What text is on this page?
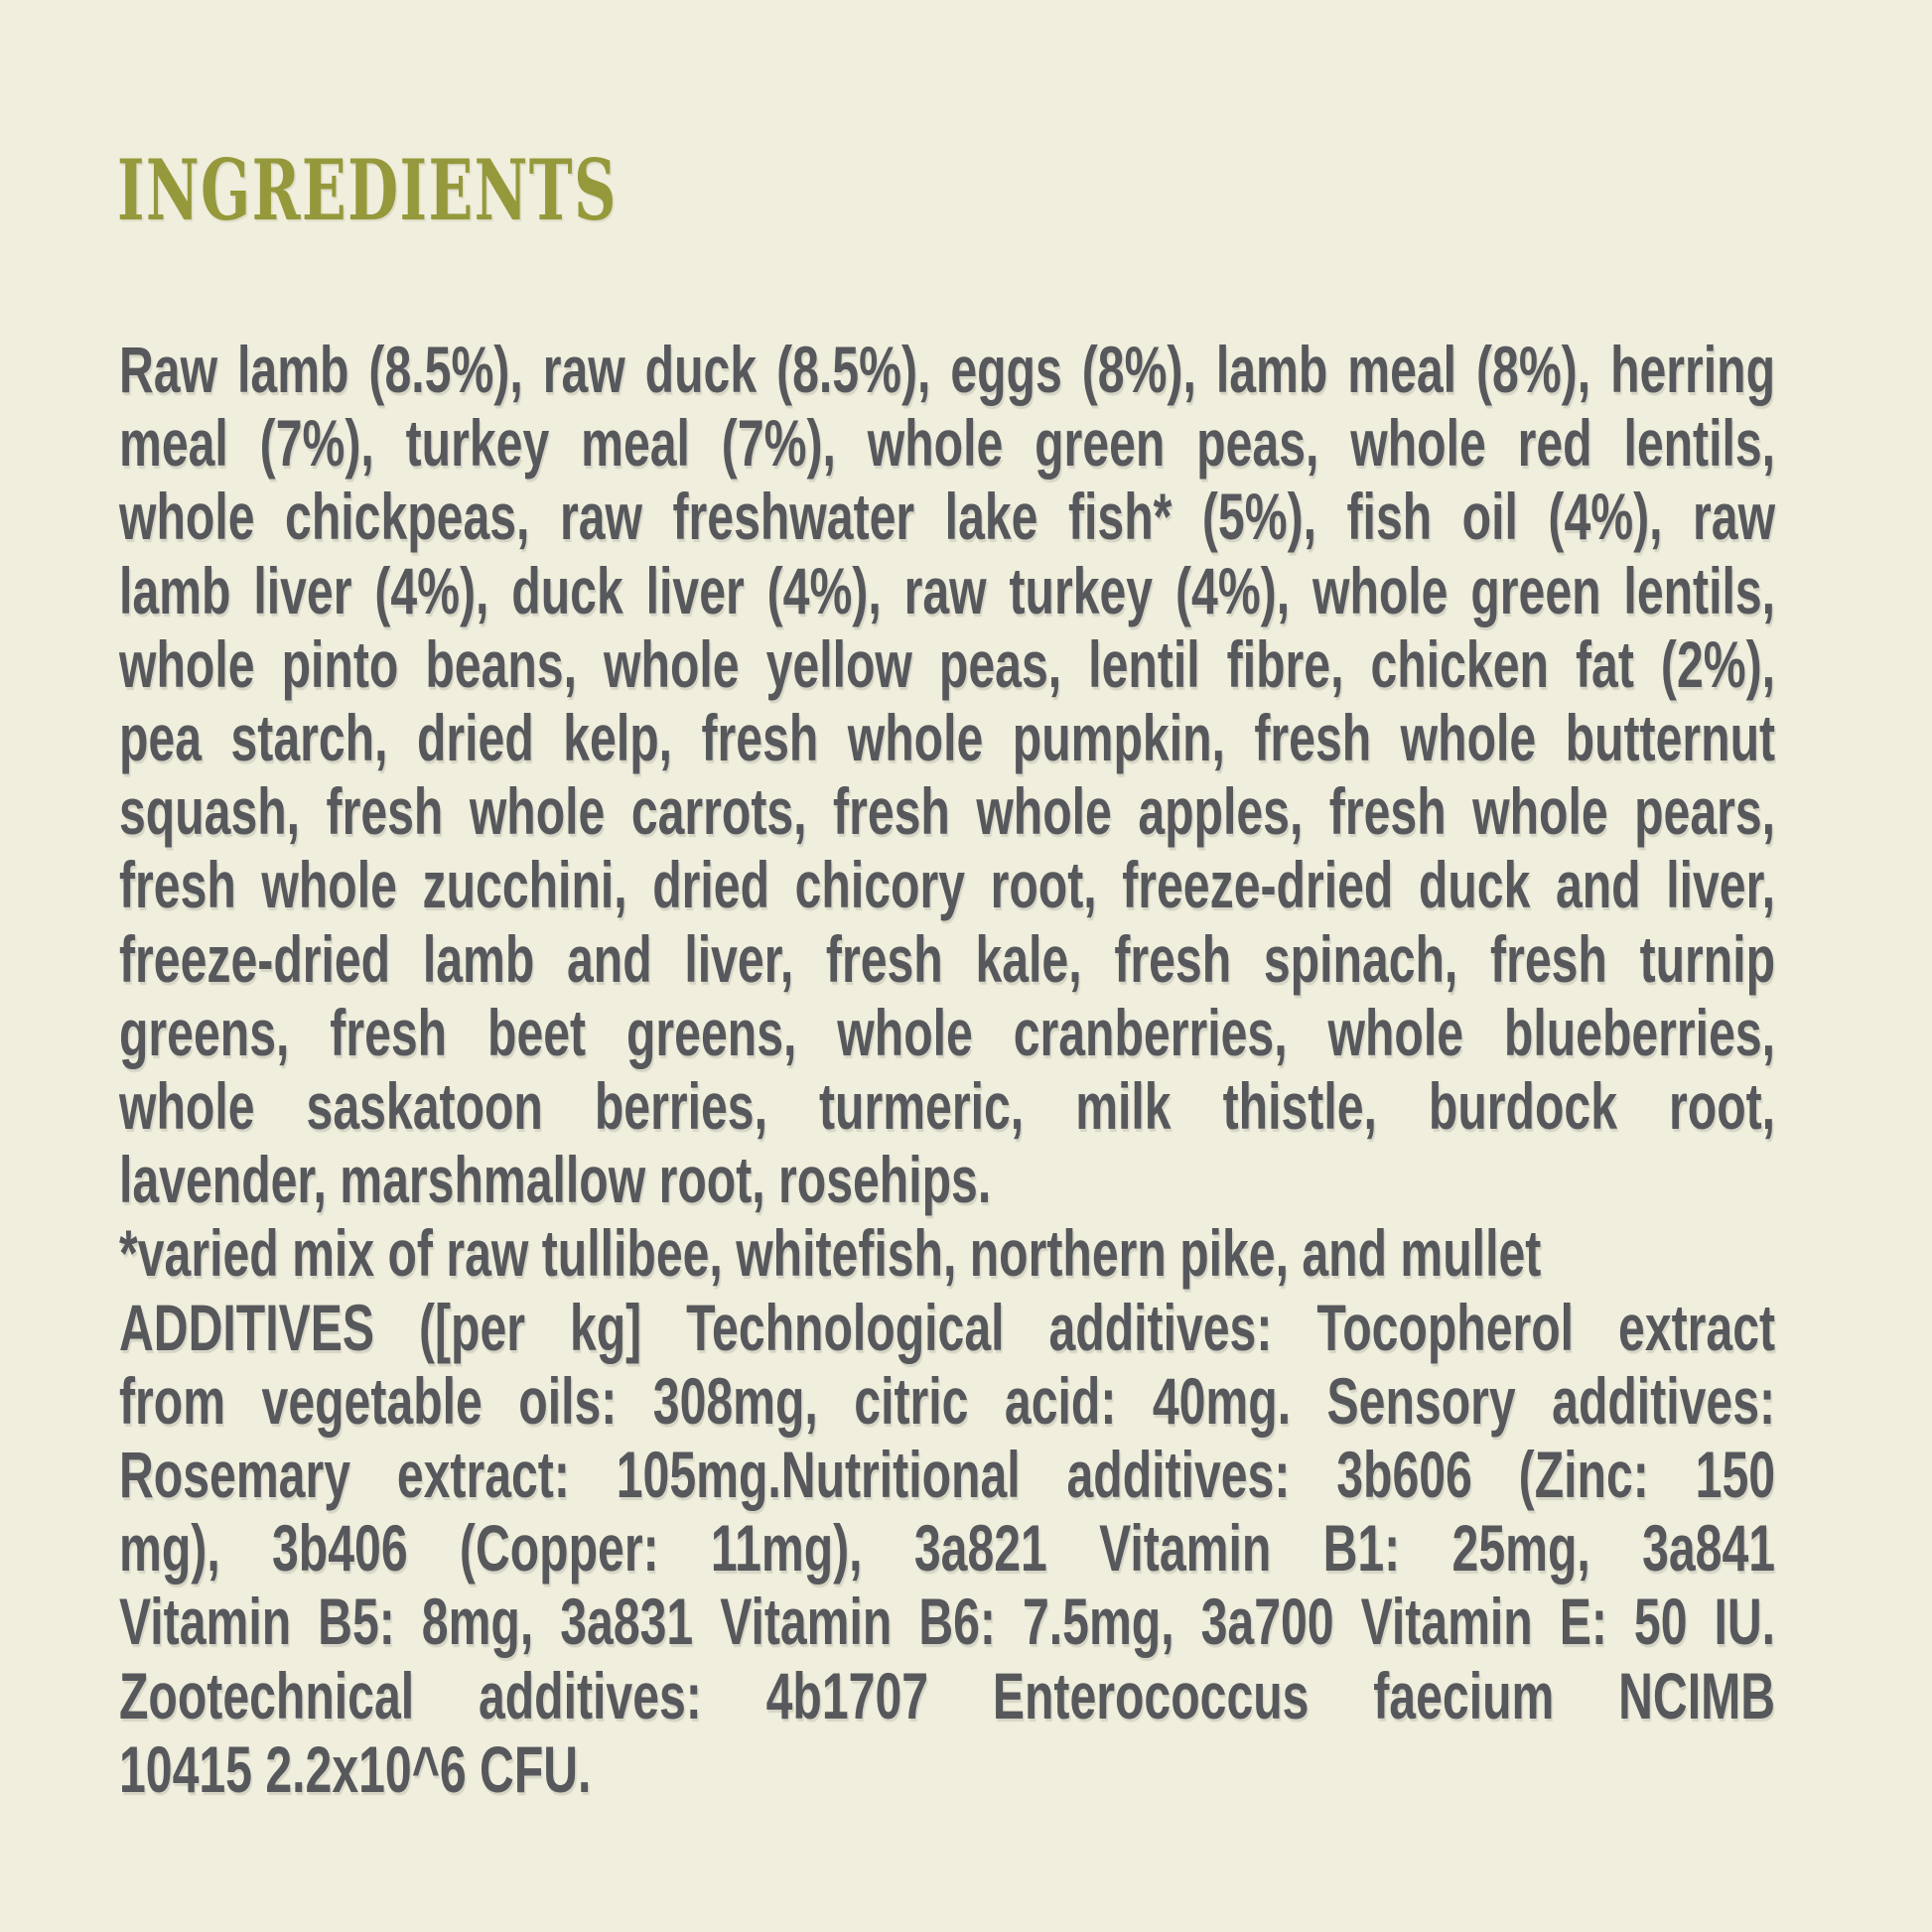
INGREDIENTS
Raw lamb (8.5%), raw duck (8.5%), eggs (8%), lamb meal (8%), herring
meal (7%), turkey meal (7%), whole green peas, whole red lentils,
whole chickpeas, raw freshwater lake fish* (5%), fish oil (4%), raw
lamb liver (4%), duck liver (4%), raw turkey (4%), whole green lentils,
whole pinto beans, whole yellow peas, lentil fibre, chicken fat (2%),
pea starch, dried kelp, fresh whole pumpkin, fresh whole butternut
squash, fresh whole carrots, fresh whole apples, fresh whole pears,
fresh whole zucchini, dried chicory root, freeze-dried duck and liver,
freeze-dried lamb and liver, fresh kale, fresh spinach, fresh turnip
greens, fresh beet greens, whole cranberries, whole blueberries,
whole saskatoon berries, turmeric, milk thistle, burdock root,
lavender, marshmallow root, rosehips.
*varied mix of raw tullibee, whitefish, northern pike, and mullet
ADDITIVES ([per kg] Technological additives: Tocopherol extract
from vegetable oils: 308mg, citric acid: 40mg. Sensory additives:
Rosemary extract: 105mg.Nutritional additives: 3b606 (Zinc: 150
mg), 3b406 (Copper: 11mg), 3a821 Vitamin B1: 25mg, 3a841
Vitamin B5: 8mg, 3a831 Vitamin B6: 7.5mg, 3a700 Vitamin E: 50 IU.
Zootechnical additives: 4b1707 Enterococcus faecium NCIMB
10415 2.2x10^6 CFU.
